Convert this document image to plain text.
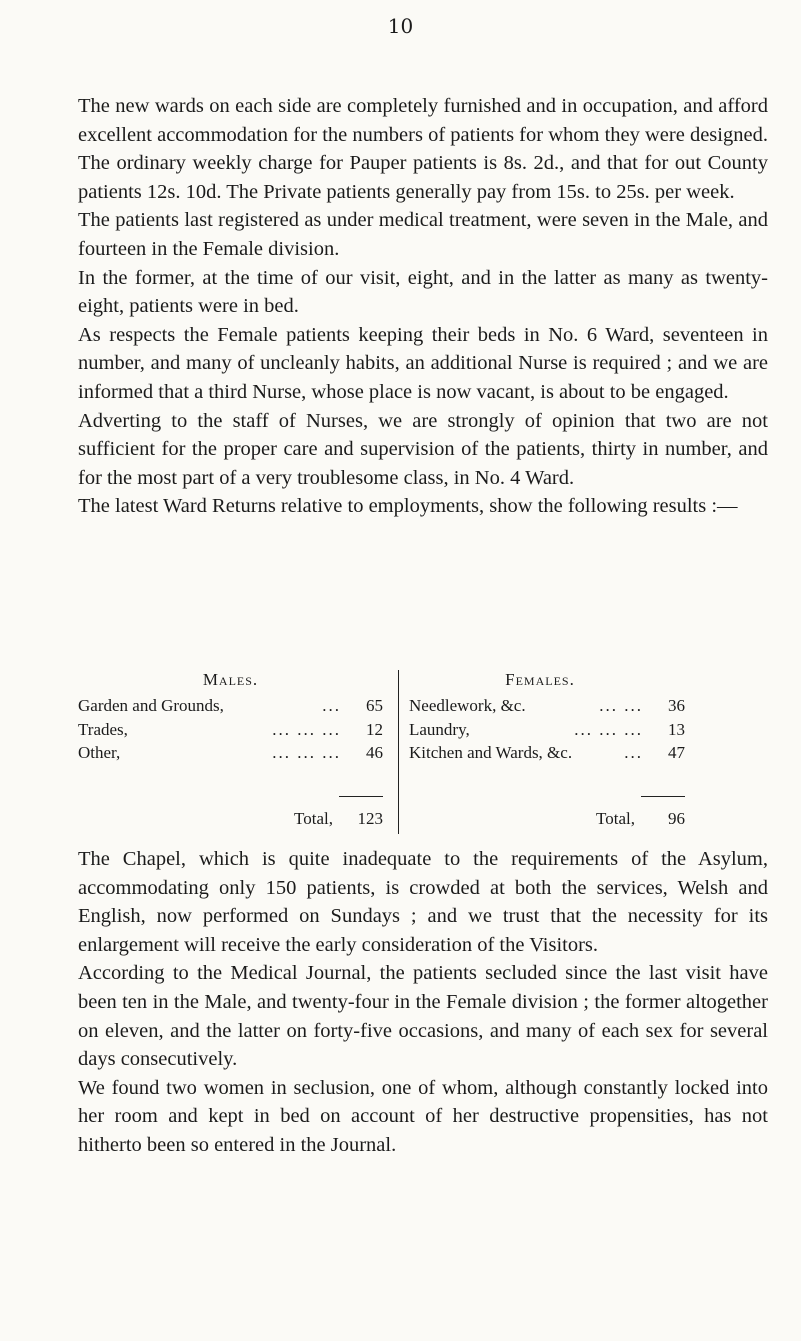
10

The new wards on each side are completely furnished and in occupation, and afford excellent accommodation for the numbers of patients for whom they were designed.

The ordinary weekly charge for Pauper patients is 8s. 2d., and that for out County patients 12s. 10d. The Private patients generally pay from 15s. to 25s. per week.

The patients last registered as under medical treatment, were seven in the Male, and fourteen in the Female division.

In the former, at the time of our visit, eight, and in the latter as many as twenty-eight, patients were in bed.

As respects the Female patients keeping their beds in No. 6 Ward, seventeen in number, and many of uncleanly habits, an additional Nurse is required ; and we are informed that a third Nurse, whose place is now vacant, is about to be engaged.

Adverting to the staff of Nurses, we are strongly of opinion that two are not sufficient for the proper care and supervision of the patients, thirty in number, and for the most part of a very troublesome class, in No. 4 Ward.

The latest Ward Returns relative to employments, show the following results :—

Males.
Garden and Grounds,	...	65
Trades,	... ... ...	12
Other,	... ... ...	46
Total, 123
Females.
Needlework, &c.	... ...	36
Laundry,	... ... ...	13
Kitchen and Wards, &c.	...	47
Total,	96

The Chapel, which is quite inadequate to the requirements of the Asylum, accommodating only 150 patients, is crowded at both the services, Welsh and English, now performed on Sundays ; and we trust that the necessity for its enlargement will receive the early consideration of the Visitors.

According to the Medical Journal, the patients secluded since the last visit have been ten in the Male, and twenty-four in the Female division ; the former altogether on eleven, and the latter on forty-five occasions, and many of each sex for several days consecutively.

We found two women in seclusion, one of whom, although constantly locked into her room and kept in bed on account of her destructive propensities, has not hitherto been so entered in the Journal.
